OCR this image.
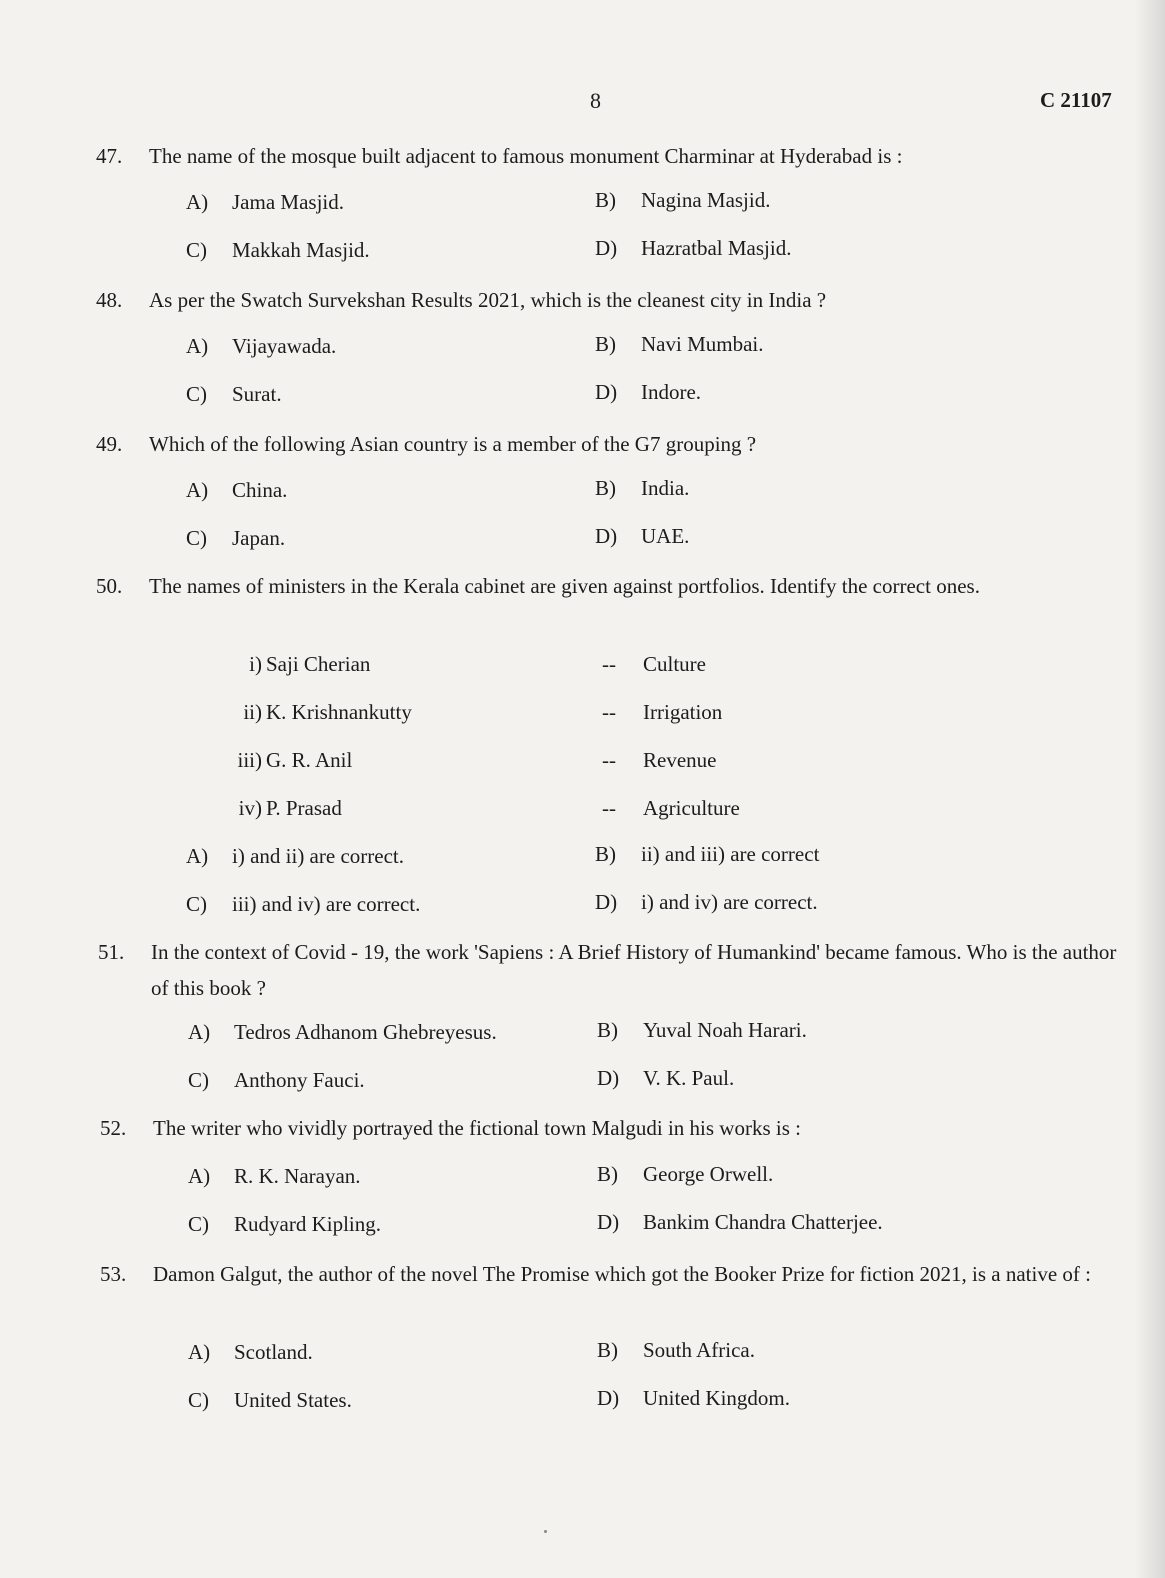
8	C 21107
47. The name of the mosque built adjacent to famous monument Charminar at Hyderabad is :
A) Jama Masjid.	B) Nagina Masjid.
C) Makkah Masjid.	D) Hazratbal Masjid.
48. As per the Swatch Survekshan Results 2021, which is the cleanest city in India ?
A) Vijayawada.	B) Navi Mumbai.
C) Surat.	D) Indore.
49. Which of the following Asian country is a member of the G7 grouping ?
A) China.	B) India.
C) Japan.	D) UAE.
50. The names of ministers in the Kerala cabinet are given against portfolios. Identify the correct ones.
i) Saji Cherian	-- Culture
ii) K. Krishnankutty	-- Irrigation
iii) G. R. Anil	-- Revenue
iv) P. Prasad	-- Agriculture
A) i) and ii) are correct.	B) ii) and iii) are correct
C) iii) and iv) are correct.	D) i) and iv) are correct.
51. In the context of Covid - 19, the work 'Sapiens : A Brief History of Humankind' became famous. Who is the author of this book ?
A) Tedros Adhanom Ghebreyesus.	B) Yuval Noah Harari.
C) Anthony Fauci.	D) V. K. Paul.
52. The writer who vividly portrayed the fictional town Malgudi in his works is :
A) R. K. Narayan.	B) George Orwell.
C) Rudyard Kipling.	D) Bankim Chandra Chatterjee.
53. Damon Galgut, the author of the novel The Promise which got the Booker Prize for fiction 2021, is a native of :
A) Scotland.	B) South Africa.
C) United States.	D) United Kingdom.
